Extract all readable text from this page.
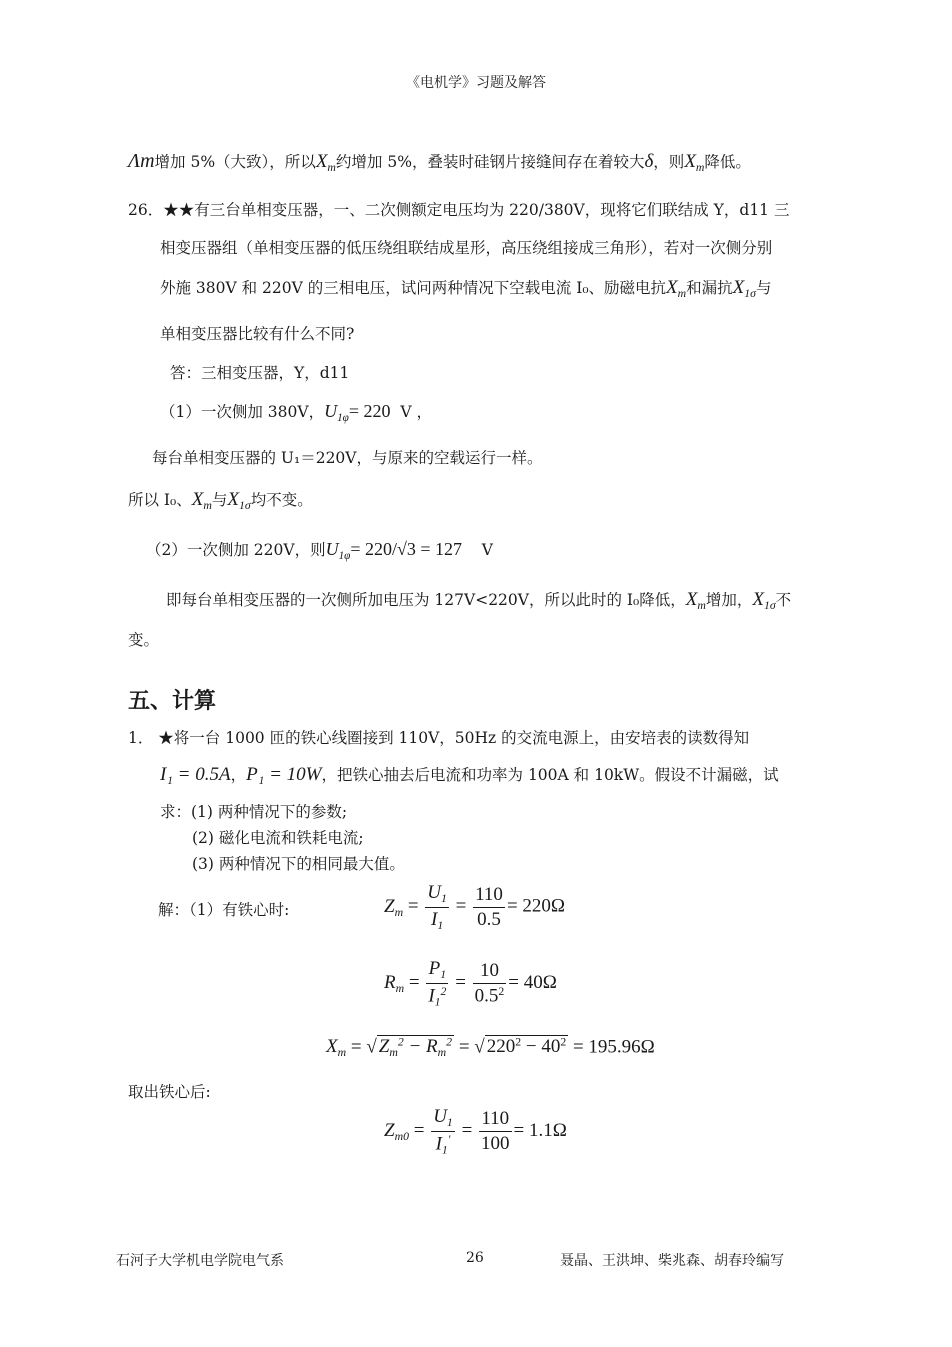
《电机学》习题及解答
Λm增加 5%（大致），所以$X_m$约增加 5%，叠装时硅钢片接缝间存在着较大δ，则$X_m$降低。
26．★★有三台单相变压器，一、二次侧额定电压均为 220/380V，现将它们联结成 Y，d11 三
相变压器组（单相变压器的低压绕组联结成星形，高压绕组接成三角形），若对一次侧分别
外施 380V 和 220V 的三相电压，试问两种情况下空载电流 I₀、励磁电抗$X_m$和漏抗$X_{1\sigma}$与
单相变压器比较有什么不同?
答：三相变压器，Y，d11
（1）一次侧加 380V，$U_{1\varphi}= 220$ V ，
每台单相变压器的 U₁＝220V，与原来的空载运行一样。
所以 I₀、$X_m$与$X_{1\sigma}$均不变。
（2）一次侧加 220V，则$U_{1\varphi}= 220/√3 = 127$ V
即每台单相变压器的一次侧所加电压为 127V<220V，所以此时的 I₀降低，$X_m$增加，$X_{1\sigma}$不
变。
五、计算
1． ★将一台 1000 匝的铁心线圈接到 110V，50Hz 的交流电源上，由安培表的读数得知
I₁ = 0.5A，P₁ = 10W，把铁心抽去后电流和功率为 100A 和 10kW。假设不计漏磁，试
求：(1) 两种情况下的参数;
(2) 磁化电流和铁耗电流;
(3) 两种情况下的相同最大值。
解：（1）有铁心时:	$Z_m = \frac{U_1}{I_1} = \frac{110}{0.5} = 220\Omega$
$R_m = \frac{P_1}{I_1^2} = \frac{10}{0.5^2} = 40\Omega$
$X_m$ = √ $Z_m^2 - R_m^2$ = √ $220^2 - 40^2 = 195.96\Omega$
取出铁心后:
$Z_{m0} = \frac{U_1}{I_1'} = \frac{110}{100} = 1.1\Omega$
石河子大学机电学院电气系	26	聂晶、王洪坤、柴兆森、胡春玲编写
